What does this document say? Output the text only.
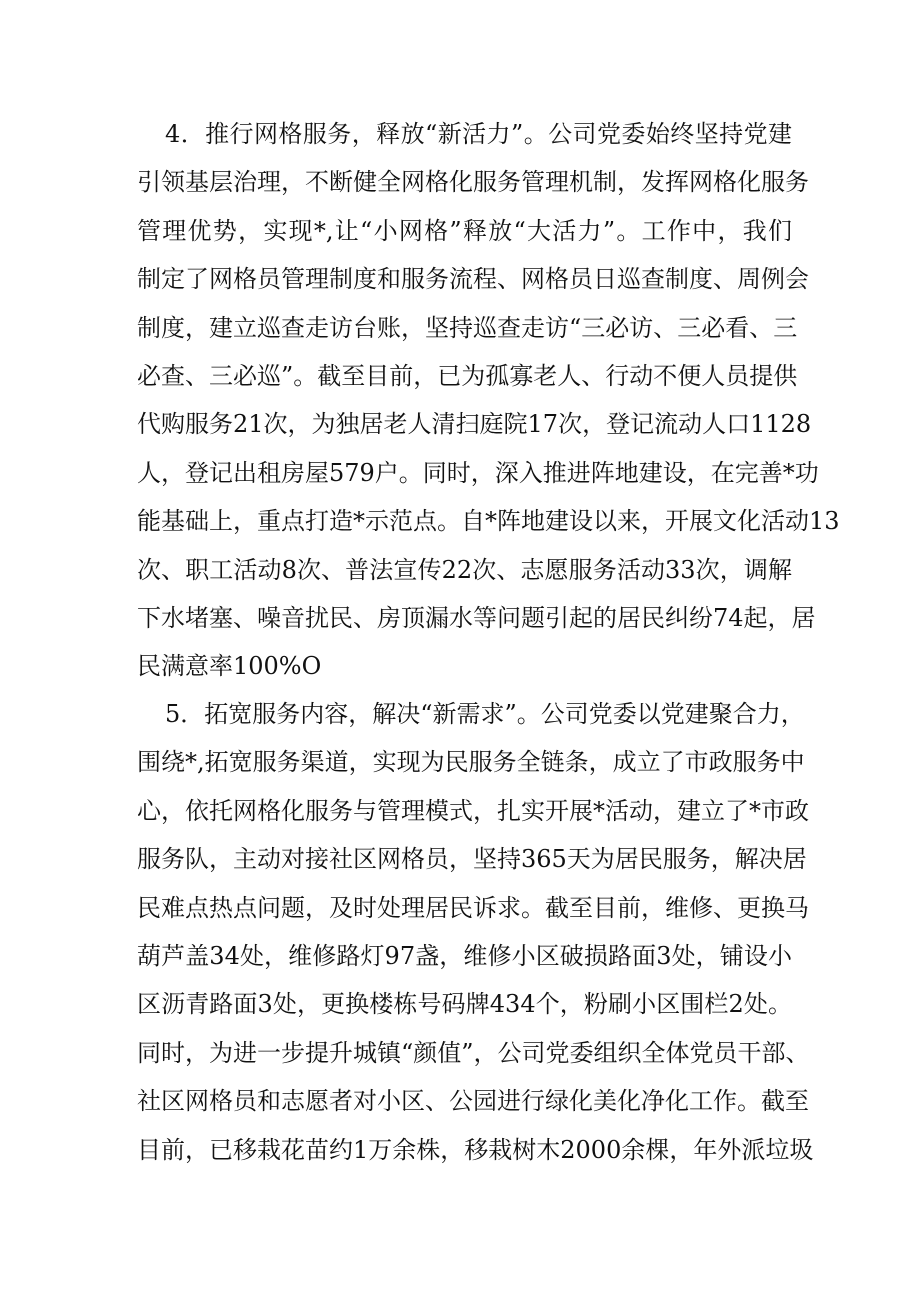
4．推行网格服务，释放“新活力”。公司党委始终坚持党建
引领基层治理，不断健全网格化服务管理机制，发挥网格化服务
管理优势，实现*,让“小网格”释放“大活力”。工作中，我们
制定了网格员管理制度和服务流程、网格员日巡查制度、周例会
制度，建立巡查走访台账，坚持巡查走访“三必访、三必看、三
必查、三必巡”。截至目前，已为孤寡老人、行动不便人员提供
代购服务21次，为独居老人清扫庭院17次，登记流动人口1128
人，登记出租房屋579户。同时，深入推进阵地建设，在完善*功
能基础上，重点打造*示范点。自*阵地建设以来，开展文化活动13
次、职工活动8次、普法宣传22次、志愿服务活动33次，调解
下水堵塞、噪音扰民、房顶漏水等问题引起的居民纠纷74起，居
民满意率100%O
5．拓宽服务内容，解决“新需求”。公司党委以党建聚合力，
围绕*,拓宽服务渠道，实现为民服务全链条，成立了市政服务中
心，依托网格化服务与管理模式，扎实开展*活动，建立了*市政
服务队，主动对接社区网格员，坚持365天为居民服务，解决居
民难点热点问题，及时处理居民诉求。截至目前，维修、更换马
葫芦盖34处，维修路灯97盏，维修小区破损路面3处，铺设小
区沥青路面3处，更换楼栋号码牌434个，粉刷小区围栏2处。
同时，为进一步提升城镇“颜值”，公司党委组织全体党员干部、
社区网格员和志愿者对小区、公园进行绿化美化净化工作。截至
目前，已移栽花苗约1万余株，移栽树木2000余棵，年外派垃圾
